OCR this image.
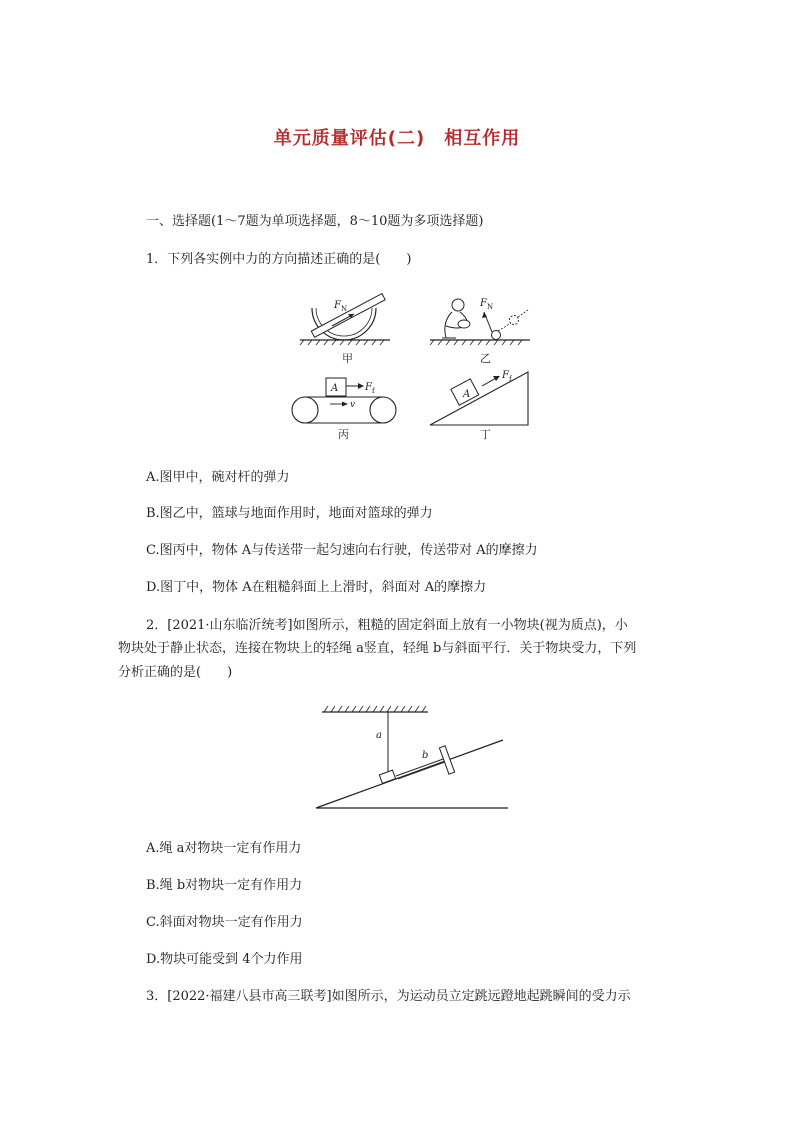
单元质量评估(二)　相互作用
一、选择题(1～7题为单项选择题，8～10题为多项选择题)
1．下列各实例中力的方向描述正确的是(　　)
F N
甲
F N
乙
A	F f
v
丙
A
F f
丁
A.图甲中，碗对杆的弹力
B.图乙中，篮球与地面作用时，地面对篮球的弹力
C.图丙中，物体 A与传送带一起匀速向右行驶，传送带对 A的摩擦力
D.图丁中，物体 A在粗糙斜面上上滑时，斜面对 A的摩擦力
2．[2021·山东临沂统考]如图所示，粗糙的固定斜面上放有一小物块(视为质点)，小
物块处于静止状态，连接在物块上的轻绳 a竖直，轻绳 b与斜面平行．关于物块受力，下列
分析正确的是(　　)
a
b
A.绳 a对物块一定有作用力
B.绳 b对物块一定有作用力
C.斜面对物块一定有作用力
D.物块可能受到 4个力作用
3．[2022·福建八县市高三联考]如图所示，为运动员立定跳远蹬地起跳瞬间的受力示
